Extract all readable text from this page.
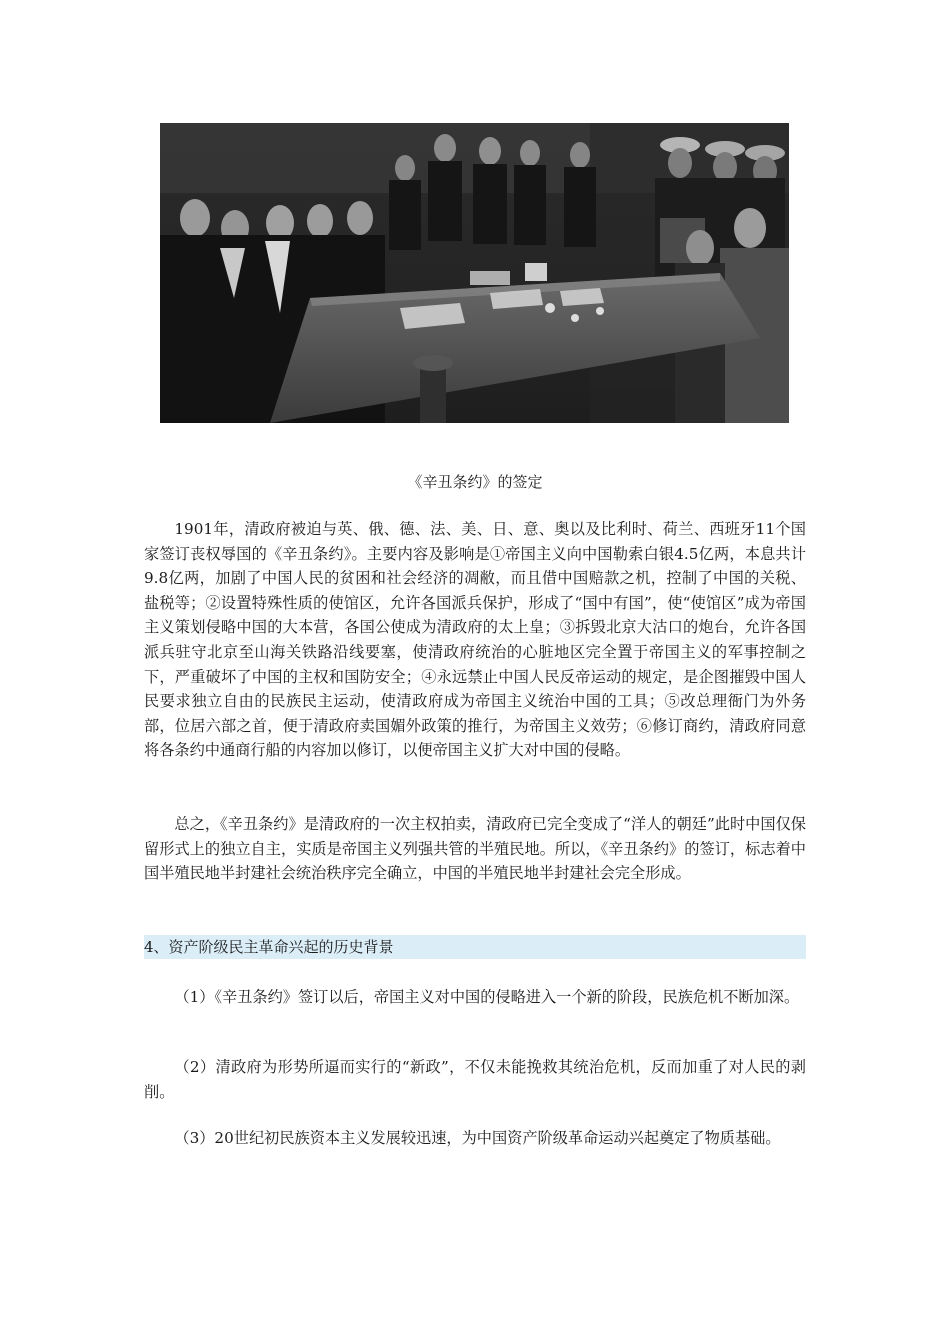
《辛丑条约》的签定

1901年，清政府被迫与英、俄、德、法、美、日、意、奥以及比利时、荷兰、西班牙11个国家签订丧权辱国的《辛丑条约》。主要内容及影响是①帝国主义向中国勒索白银4.5亿两，本息共计9.8亿两，加剧了中国人民的贫困和社会经济的凋敝，而且借中国赔款之机，控制了中国的关税、盐税等；②设置特殊性质的使馆区，允许各国派兵保护，形成了“国中有国”，使“使馆区”成为帝国主义策划侵略中国的大本营，各国公使成为清政府的太上皇；③拆毁北京大沽口的炮台，允许各国派兵驻守北京至山海关铁路沿线要塞，使清政府统治的心脏地区完全置于帝国主义的军事控制之下，严重破坏了中国的主权和国防安全；④永远禁止中国人民反帝运动的规定，是企图摧毁中国人民要求独立自由的民族民主运动，使清政府成为帝国主义统治中国的工具；⑤改总理衙门为外务部，位居六部之首，便于清政府卖国媚外政策的推行，为帝国主义效劳；⑥修订商约，清政府同意将各条约中通商行船的内容加以修订，以便帝国主义扩大对中国的侵略。

总之，《辛丑条约》是清政府的一次主权拍卖，清政府已完全变成了“洋人的朝廷”此时中国仅保留形式上的独立自主，实质是帝国主义列强共管的半殖民地。所以，《辛丑条约》的签订，标志着中国半殖民地半封建社会统治秩序完全确立，中国的半殖民地半封建社会完全形成。

4、资产阶级民主革命兴起的历史背景

（1）《辛丑条约》签订以后，帝国主义对中国的侵略进入一个新的阶段，民族危机不断加深。

（2）清政府为形势所逼而实行的“新政”，不仅未能挽救其统治危机，反而加重了对人民的剥削。

（3）20世纪初民族资本主义发展较迅速，为中国资产阶级革命运动兴起奠定了物质基础。
